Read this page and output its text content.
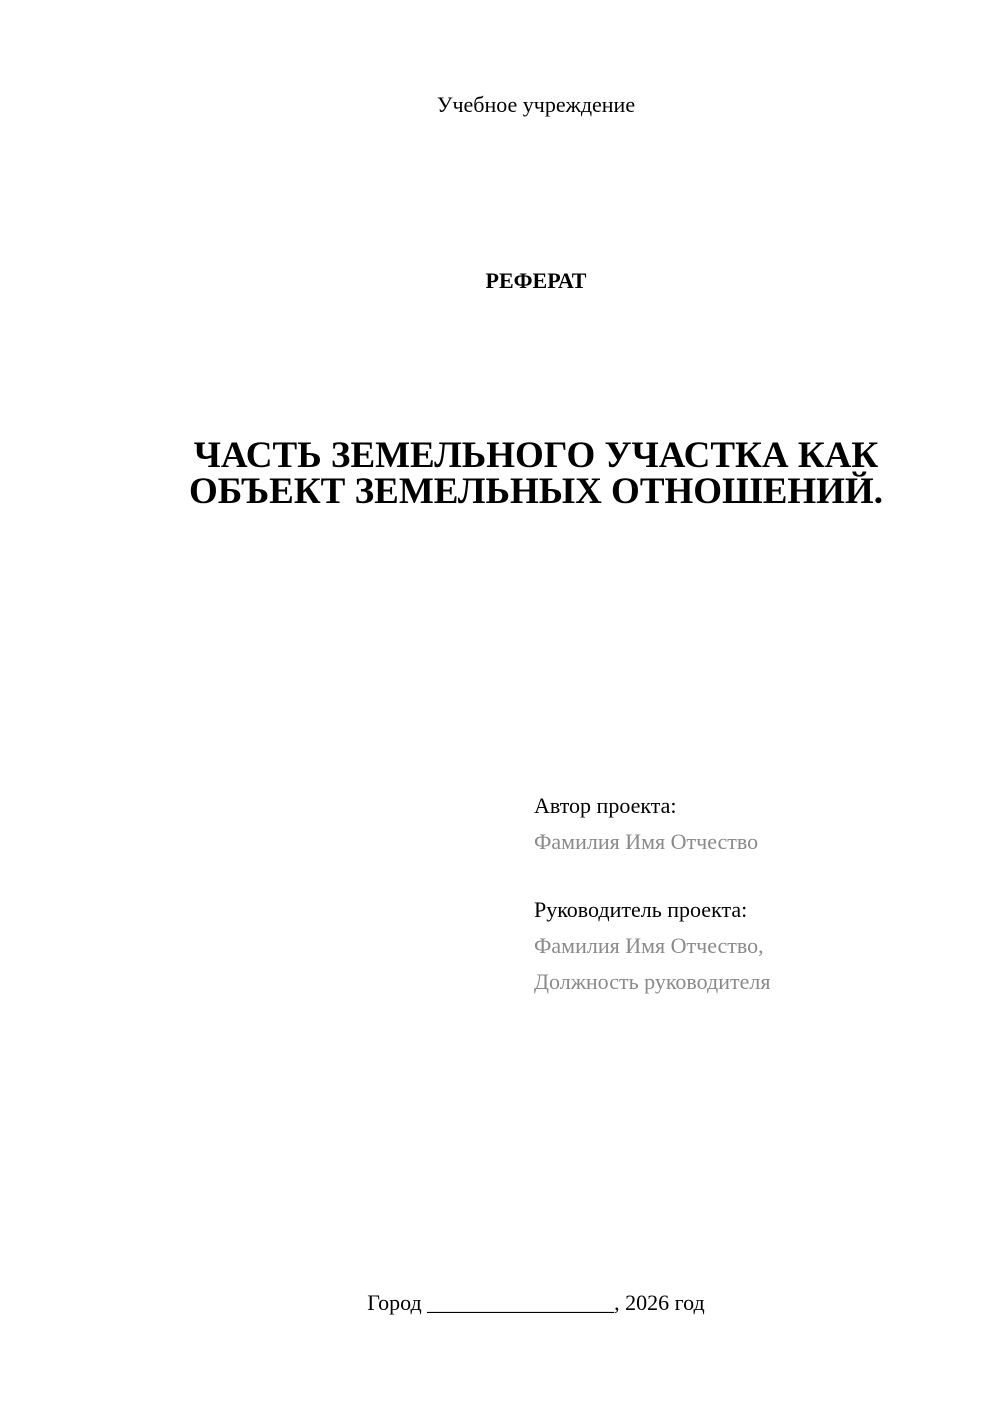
Учебное учреждение
РЕФЕРАТ
ЧАСТЬ ЗЕМЕЛЬНОГО УЧАСТКА КАК
ОБЪЕКТ ЗЕМЕЛЬНЫХ ОТНОШЕНИЙ.
Автор проекта:
Фамилия Имя Отчество
Руководитель проекта:
Фамилия Имя Отчество,
Должность руководителя
Город _________________, 2026 год
